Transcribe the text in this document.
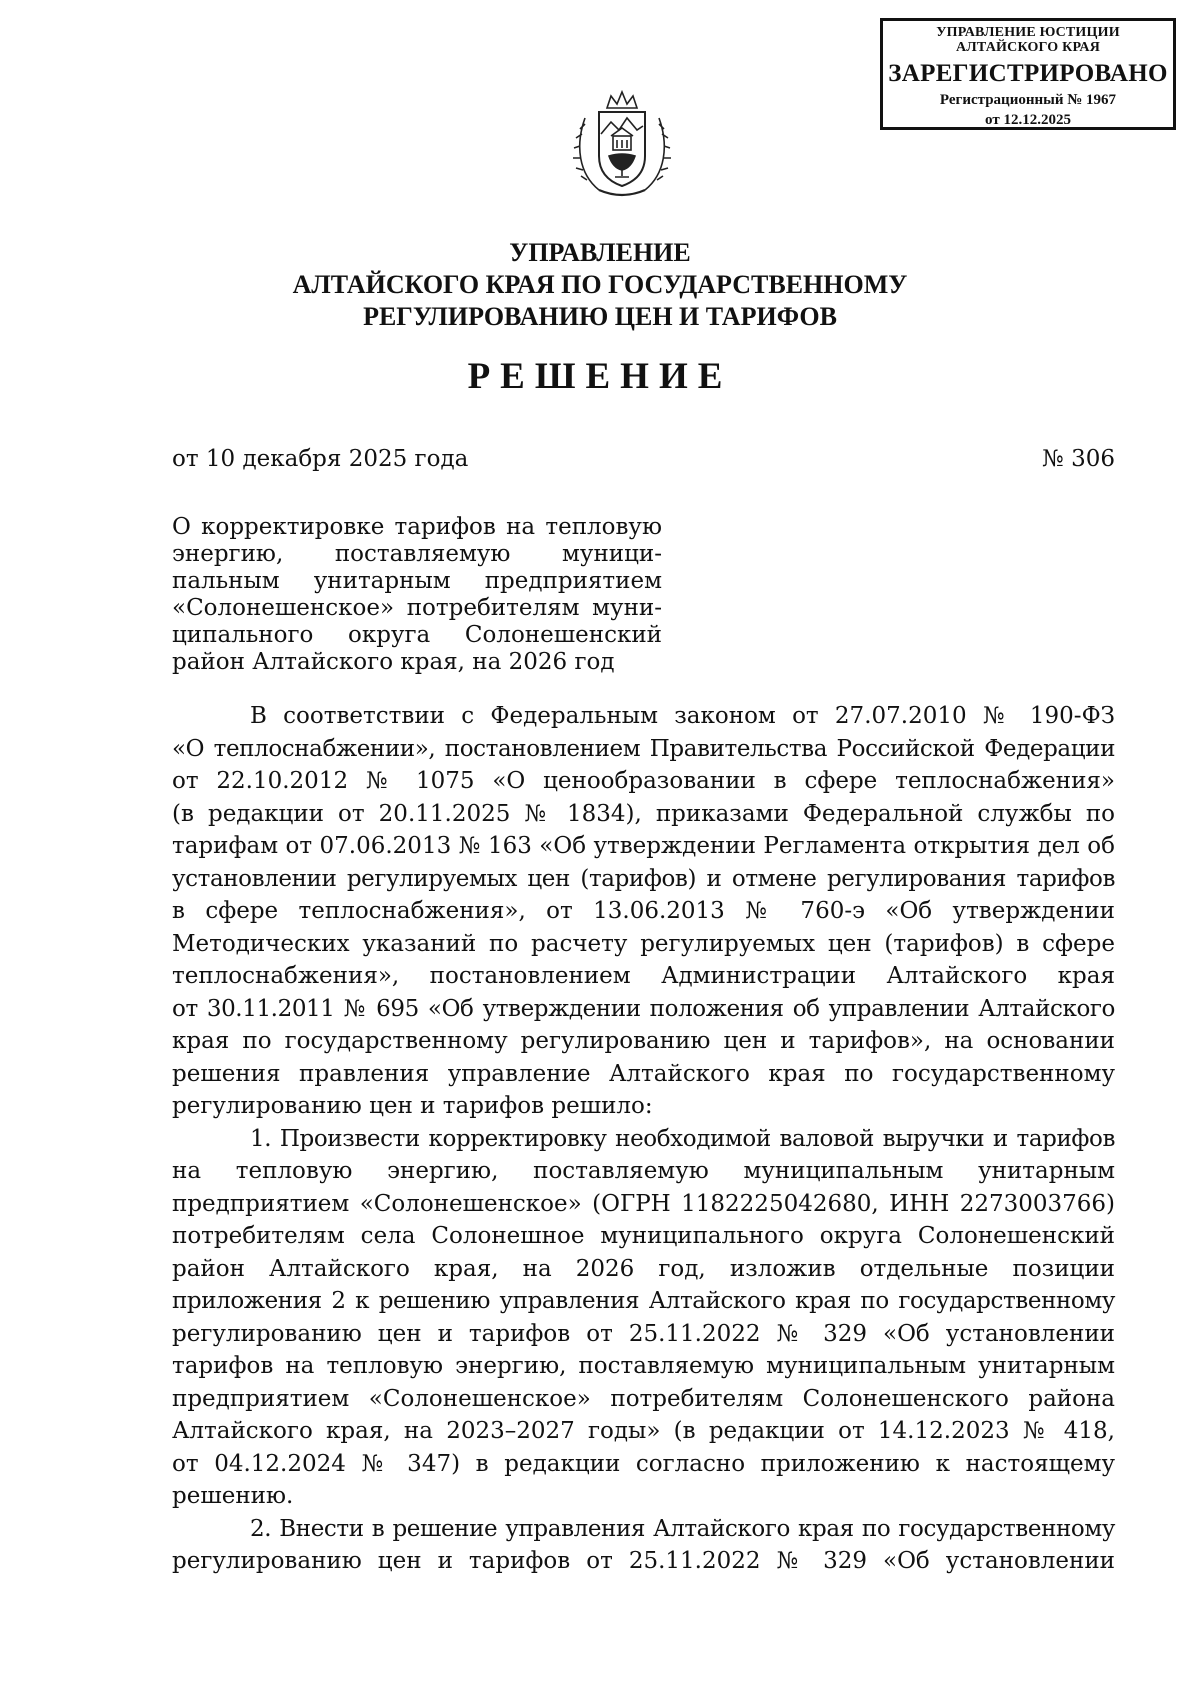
УПРАВЛЕНИЕ ЮСТИЦИИ
АЛТАЙСКОГО КРАЯ
ЗАРЕГИСТРИРОВАНО
Регистрационный № 1967
от 12.12.2025
УПРАВЛЕНИЕ
АЛТАЙСКОГО КРАЯ ПО ГОСУДАРСТВЕННОМУ
РЕГУЛИРОВАНИЮ ЦЕН И ТАРИФОВ
РЕШЕНИЕ
от 10 декабря 2025 года	№ 306
О корректировке тарифов на тепловую
энергию, поставляемую муници-
пальным унитарным предприятием
«Солонешенское» потребителям муни-
ципального округа Солонешенский
район Алтайского края, на 2026 год
В соответствии с Федеральным законом от 27.07.2010 № 190-ФЗ
«О теплоснабжении», постановлением Правительства Российской Федерации
от 22.10.2012 № 1075 «О ценообразовании в сфере теплоснабжения»
(в редакции от 20.11.2025 № 1834), приказами Федеральной службы по
тарифам от 07.06.2013 № 163 «Об утверждении Регламента открытия дел об
установлении регулируемых цен (тарифов) и отмене регулирования тарифов
в сфере теплоснабжения», от 13.06.2013 № 760-э «Об утверждении
Методических указаний по расчету регулируемых цен (тарифов) в сфере
теплоснабжения», постановлением Администрации Алтайского края
от 30.11.2011 № 695 «Об утверждении положения об управлении Алтайского
края по государственному регулированию цен и тарифов», на основании
решения правления управление Алтайского края по государственному
регулированию цен и тарифов решило:
1. Произвести корректировку необходимой валовой выручки и тарифов
на тепловую энергию, поставляемую муниципальным унитарным
предприятием «Солонешенское» (ОГРН 1182225042680, ИНН 2273003766)
потребителям села Солонешное муниципального округа Солонешенский
район Алтайского края, на 2026 год, изложив отдельные позиции
приложения 2 к решению управления Алтайского края по государственному
регулированию цен и тарифов от 25.11.2022 № 329 «Об установлении
тарифов на тепловую энергию, поставляемую муниципальным унитарным
предприятием «Солонешенское» потребителям Солонешенского района
Алтайского края, на 2023–2027 годы» (в редакции от 14.12.2023 № 418,
от 04.12.2024 № 347) в редакции согласно приложению к настоящему
решению.
2. Внести в решение управления Алтайского края по государственному
регулированию цен и тарифов от 25.11.2022 № 329 «Об установлении
